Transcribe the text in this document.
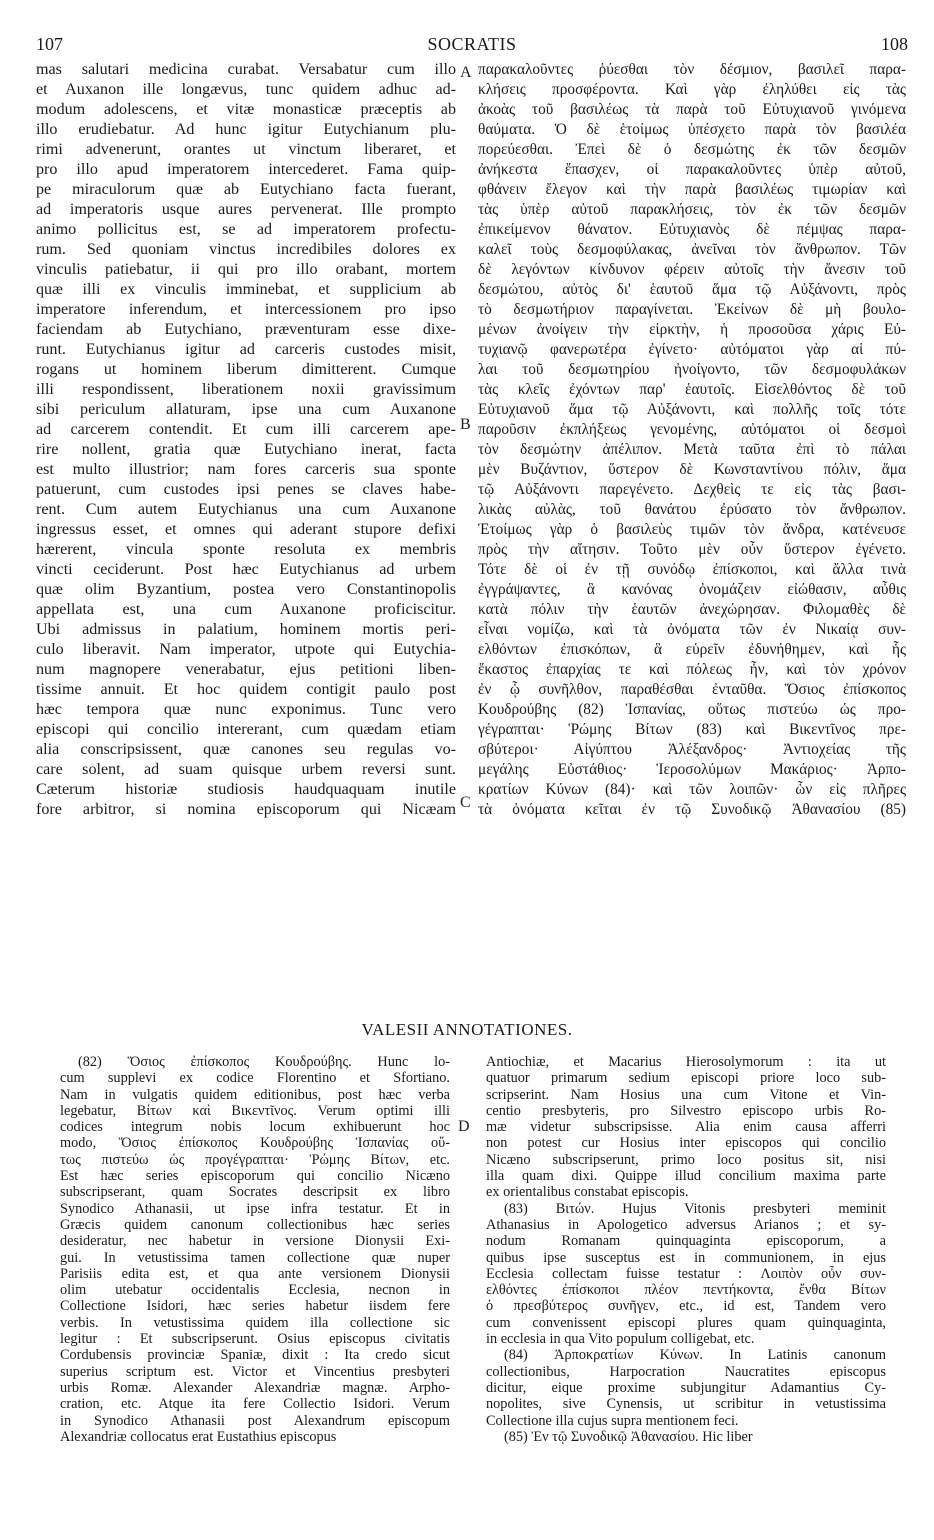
107	SOCRATIS	108
mas salutari medicina curabat. Versabatur cum illo
et Auxanon ille longævus, tunc quidem adhuc ad-
modum adolescens, et vitæ monasticæ præceptis ab
illo erudiebatur. Ad hunc igitur Eutychianum plu-
rimi advenerunt, orantes ut vinctum liberaret, et
pro illo apud imperatorem intercederet. Fama quip-
pe miraculorum quæ ab Eutychiano facta fuerant,
ad imperatoris usque aures pervenerat. Ille prompto
animo pollicitus est, se ad imperatorem profectu-
rum. Sed quoniam vinctus incredibiles dolores ex
vinculis patiebatur, ii qui pro illo orabant, mortem
quæ illi ex vinculis imminebat, et supplicium ab
imperatore inferendum, et intercessionem pro ipso
faciendam ab Eutychiano, præventuram esse dixe-
runt. Eutychianus igitur ad carceris custodes misit,
rogans ut hominem liberum dimitterent. Cumque
illi respondissent, liberationem noxii gravissimum
sibi periculum allaturam, ipse una cum Auxanone
ad carcerem contendit. Et cum illi carcerem ape-
rire nollent, gratia quæ Eutychiano inerat, facta
est multo illustrior; nam fores carceris sua sponte
patuerunt, cum custodes ipsi penes se claves habe-
rent. Cum autem Eutychianus una cum Auxanone
ingressus esset, et omnes qui aderant stupore defixi
hærerent, vincula sponte resoluta ex membris
vincti ceciderunt. Post hæc Eutychianus ad urbem
quæ olim Byzantium, postea vero Constantinopolis
appellata est, una cum Auxanone proficiscitur.
Ubi admissus in palatium, hominem mortis peri-
culo liberavit. Nam imperator, utpote qui Eutychia-
num magnopere venerabatur, ejus petitioni liben-
tissime annuit. Et hoc quidem contigit paulo post
hæc tempora quæ nunc exponimus. Tunc vero
episcopi qui concilio intererant, cum quædam etiam
alia conscripsissent, quæ canones seu regulas vo-
care solent, ad suam quisque urbem reversi sunt.
Cæterum historiæ studiosis haudquaquam inutile
fore arbitror, si nomina episcoporum qui Nicæam
παρακαλοῦντες ῥύεσθαι τὸν δέσμιον, βασιλεῖ παρα-
κλήσεις προσφέροντα. Καὶ γὰρ ἐληλύθει εἰς τὰς
ἀκοὰς τοῦ βασιλέως τὰ παρὰ τοῦ Εὐτυχιανοῦ γινόμενα
θαύματα. Ὁ δὲ ἑτοίμως ὑπέσχετο παρὰ τὸν βασιλέα
πορεύεσθαι. Ἐπεὶ δὲ ὁ δεσμώτης ἐκ τῶν δεσμῶν
ἀνήκεστα ἔπασχεν, οἱ παρακαλοῦντες ὑπὲρ αὐτοῦ,
φθάνειν ἔλεγον καὶ τὴν παρὰ βασιλέως τιμωρίαν καὶ
τὰς ὑπὲρ αὐτοῦ παρακλήσεις, τὸν ἐκ τῶν δεσμῶν
ἐπικείμενον θάνατον. Εὐτυχιανὸς δὲ πέμψας παρα-
καλεῖ τοὺς δεσμοφύλακας, ἀνεῖναι τὸν ἄνθρωπον. Τῶν
δὲ λεγόντων κίνδυνον φέρειν αὐτοῖς τὴν ἄνεσιν τοῦ
δεσμώτου, αὐτὸς δι' ἑαυτοῦ ἅμα τῷ Αὐξάνοντι, πρὸς
τὸ δεσμωτήριον παραγίνεται. Ἐκείνων δὲ μὴ βουλο-
μένων ἀνοίγειν τὴν εἱρκτὴν, ἡ προσοῦσα χάρις Εὐ-
τυχιανῷ φανερωτέρα ἐγίνετο· αὐτόματοι γὰρ αἱ πύ-
λαι τοῦ δεσμωτηρίου ἠνοίγοντο, τῶν δεσμοφυλάκων
τὰς κλεῖς ἐχόντων παρ' ἑαυτοῖς. Εἰσελθόντος δὲ τοῦ
Εὐτυχιανοῦ ἅμα τῷ Αὐξάνοντι, καὶ πολλῆς τοῖς τότε
παροῦσιν ἐκπλήξεως γενομένης, αὐτόματοι οἱ δεσμοὶ
τὸν δεσμώτην ἀπέλιπον. Μετὰ ταῦτα ἐπὶ τὸ πάλαι
μὲν Βυζάντιον, ὕστερον δὲ Κωνσταντίνου πόλιν, ἅμα
τῷ Αὐξάνοντι παρεγένετο. Δεχθεὶς τε εἰς τὰς βασι-
λικὰς αὐλὰς, τοῦ θανάτου ἐρύσατο τὸν ἄνθρωπον.
Ἑτοίμως γὰρ ὁ βασιλεὺς τιμῶν τὸν ἄνδρα, κατένευσε
πρὸς τὴν αἴτησιν. Τοῦτο μὲν οὖν ὕστερον ἐγένετο.
Τότε δὲ οἱ ἐν τῇ συνόδῳ ἐπίσκοποι, καὶ ἄλλα τινὰ
ἐγγράψαντες, ἃ κανόνας ὀνομάζειν εἰώθασιν, αὖθις
κατὰ πόλιν τὴν ἑαυτῶν ἀνεχώρησαν. Φιλομαθὲς δὲ
εἶναι νομίζω, καὶ τὰ ὀνόματα τῶν ἐν Νικαίᾳ συν-
ελθόντων ἐπισκόπων, ἃ εὑρεῖν ἐδυνήθημεν, καὶ ἧς
ἕκαστος ἐπαρχίας τε καὶ πόλεως ἦν, καὶ τὸν χρόνον
ἐν ᾧ συνῆλθον, παραθέσθαι ἐνταῦθα. Ὅσιος ἐπίσκοπος
Κουδρούβης (82) Ἱσπανίας, οὕτως πιστεύω ὡς προ-
γέγραπται· Ῥώμης Βίτων (83) καὶ Βικεντῖνος πρε-
σβύτεροι· Αἰγύπτου Ἀλέξανδρος· Ἀντιοχείας τῆς
μεγάλης Εὐστάθιος· Ἱεροσολύμων Μακάριος· Ἀρπο-
κρατίων Κύνων (84)· καὶ τῶν λοιπῶν· ὧν εἰς πλῆρες
τὰ ὀνόματα κεῖται ἐν τῷ Συνοδικῷ Ἀθανασίου (85)
A
B
C
D
VALESII ANNOTATIONES.
(82) Ὅσιος ἐπίσκοπος Κουδρούβης. Hunc lo-
cum supplevi ex codice Florentino et Sfortiano.
Nam in vulgatis quidem editionibus, post hæc verba
legebatur, Βίτων καὶ Βικεντῖνος. Verum optimi illi
codices integrum nobis locum exhibuerunt hoc
modo, Ὅσιος ἐπίσκοπος Κουδρούβης Ἱσπανίας οὕ-
τως πιστεύω ὡς προγέγραπται· Ῥώμης Βίτων, etc.
Est hæc series episcoporum qui concilio Nicæno
subscripserant, quam Socrates descripsit ex libro
Synodico Athanasii, ut ipse infra testatur. Et in
Græcis quidem canonum collectionibus hæc series
desideratur, nec habetur in versione Dionysii Exi-
gui. In vetustissima tamen collectione quæ nuper
Parisiis edita est, et qua ante versionem Dionysii
olim utebatur occidentalis Ecclesia, necnon in
Collectione Isidori, hæc series habetur iisdem fere
verbis. In vetustissima quidem illa collectione sic
legitur : Et subscripserunt. Osius episcopus civitatis
Cordubensis provinciæ Spaniæ, dixit : Ita credo sicut
superius scriptum est. Victor et Vincentius presbyteri
urbis Romæ. Alexander Alexandriæ magnæ. Arpho-
cration, etc. Atque ita fere Collectio Isidori. Verum
in Synodico Athanasii post Alexandrum episcopum
Alexandriæ collocatus erat Eustathius episcopus
Antiochiæ, et Macarius Hierosolymorum : ita ut
quatuor primarum sedium episcopi priore loco sub-
scripserint. Nam Hosius una cum Vitone et Vin-
centio presbyteris, pro Silvestro episcopo urbis Ro-
mæ videtur subscripsisse. Alia enim causa afferri
non potest cur Hosius inter episcopos qui concilio
Nicæno subscripserunt, primo loco positus sit, nisi
illa quam dixi. Quippe illud concilium maxima parte
ex orientalibus constabat episcopis.
(83) Βιτών. Hujus Vitonis presbyteri meminit
Athanasius in Apologetico adversus Arianos ; et sy-
nodum Romanam quinquaginta episcoporum, a
quibus ipse susceptus est in communionem, in ejus
Ecclesia collectam fuisse testatur : Λοιπὸν οὖν συν-
ελθόντες ἐπίσκοποι πλέον πεντήκοντα, ἔνθα Βίτων
ὁ πρεσβύτερος συνῆγεν, etc., id est, Tandem vero
cum convenissent episcopi plures quam quinquaginta,
in ecclesia in qua Vito populum colligebat, etc.
(84) Ἀρποκρατίων Κύνων. In Latinis canonum
collectionibus, Harpocration Naucratites episcopus
dicitur, eique proxime subjungitur Adamantius Cy-
nopolites, sive Cynensis, ut scribitur in vetustissima
Collectione illa cujus supra mentionem feci.
(85) Ἐν τῷ Συνοδικῷ Ἀθανασίου. Hic liber
